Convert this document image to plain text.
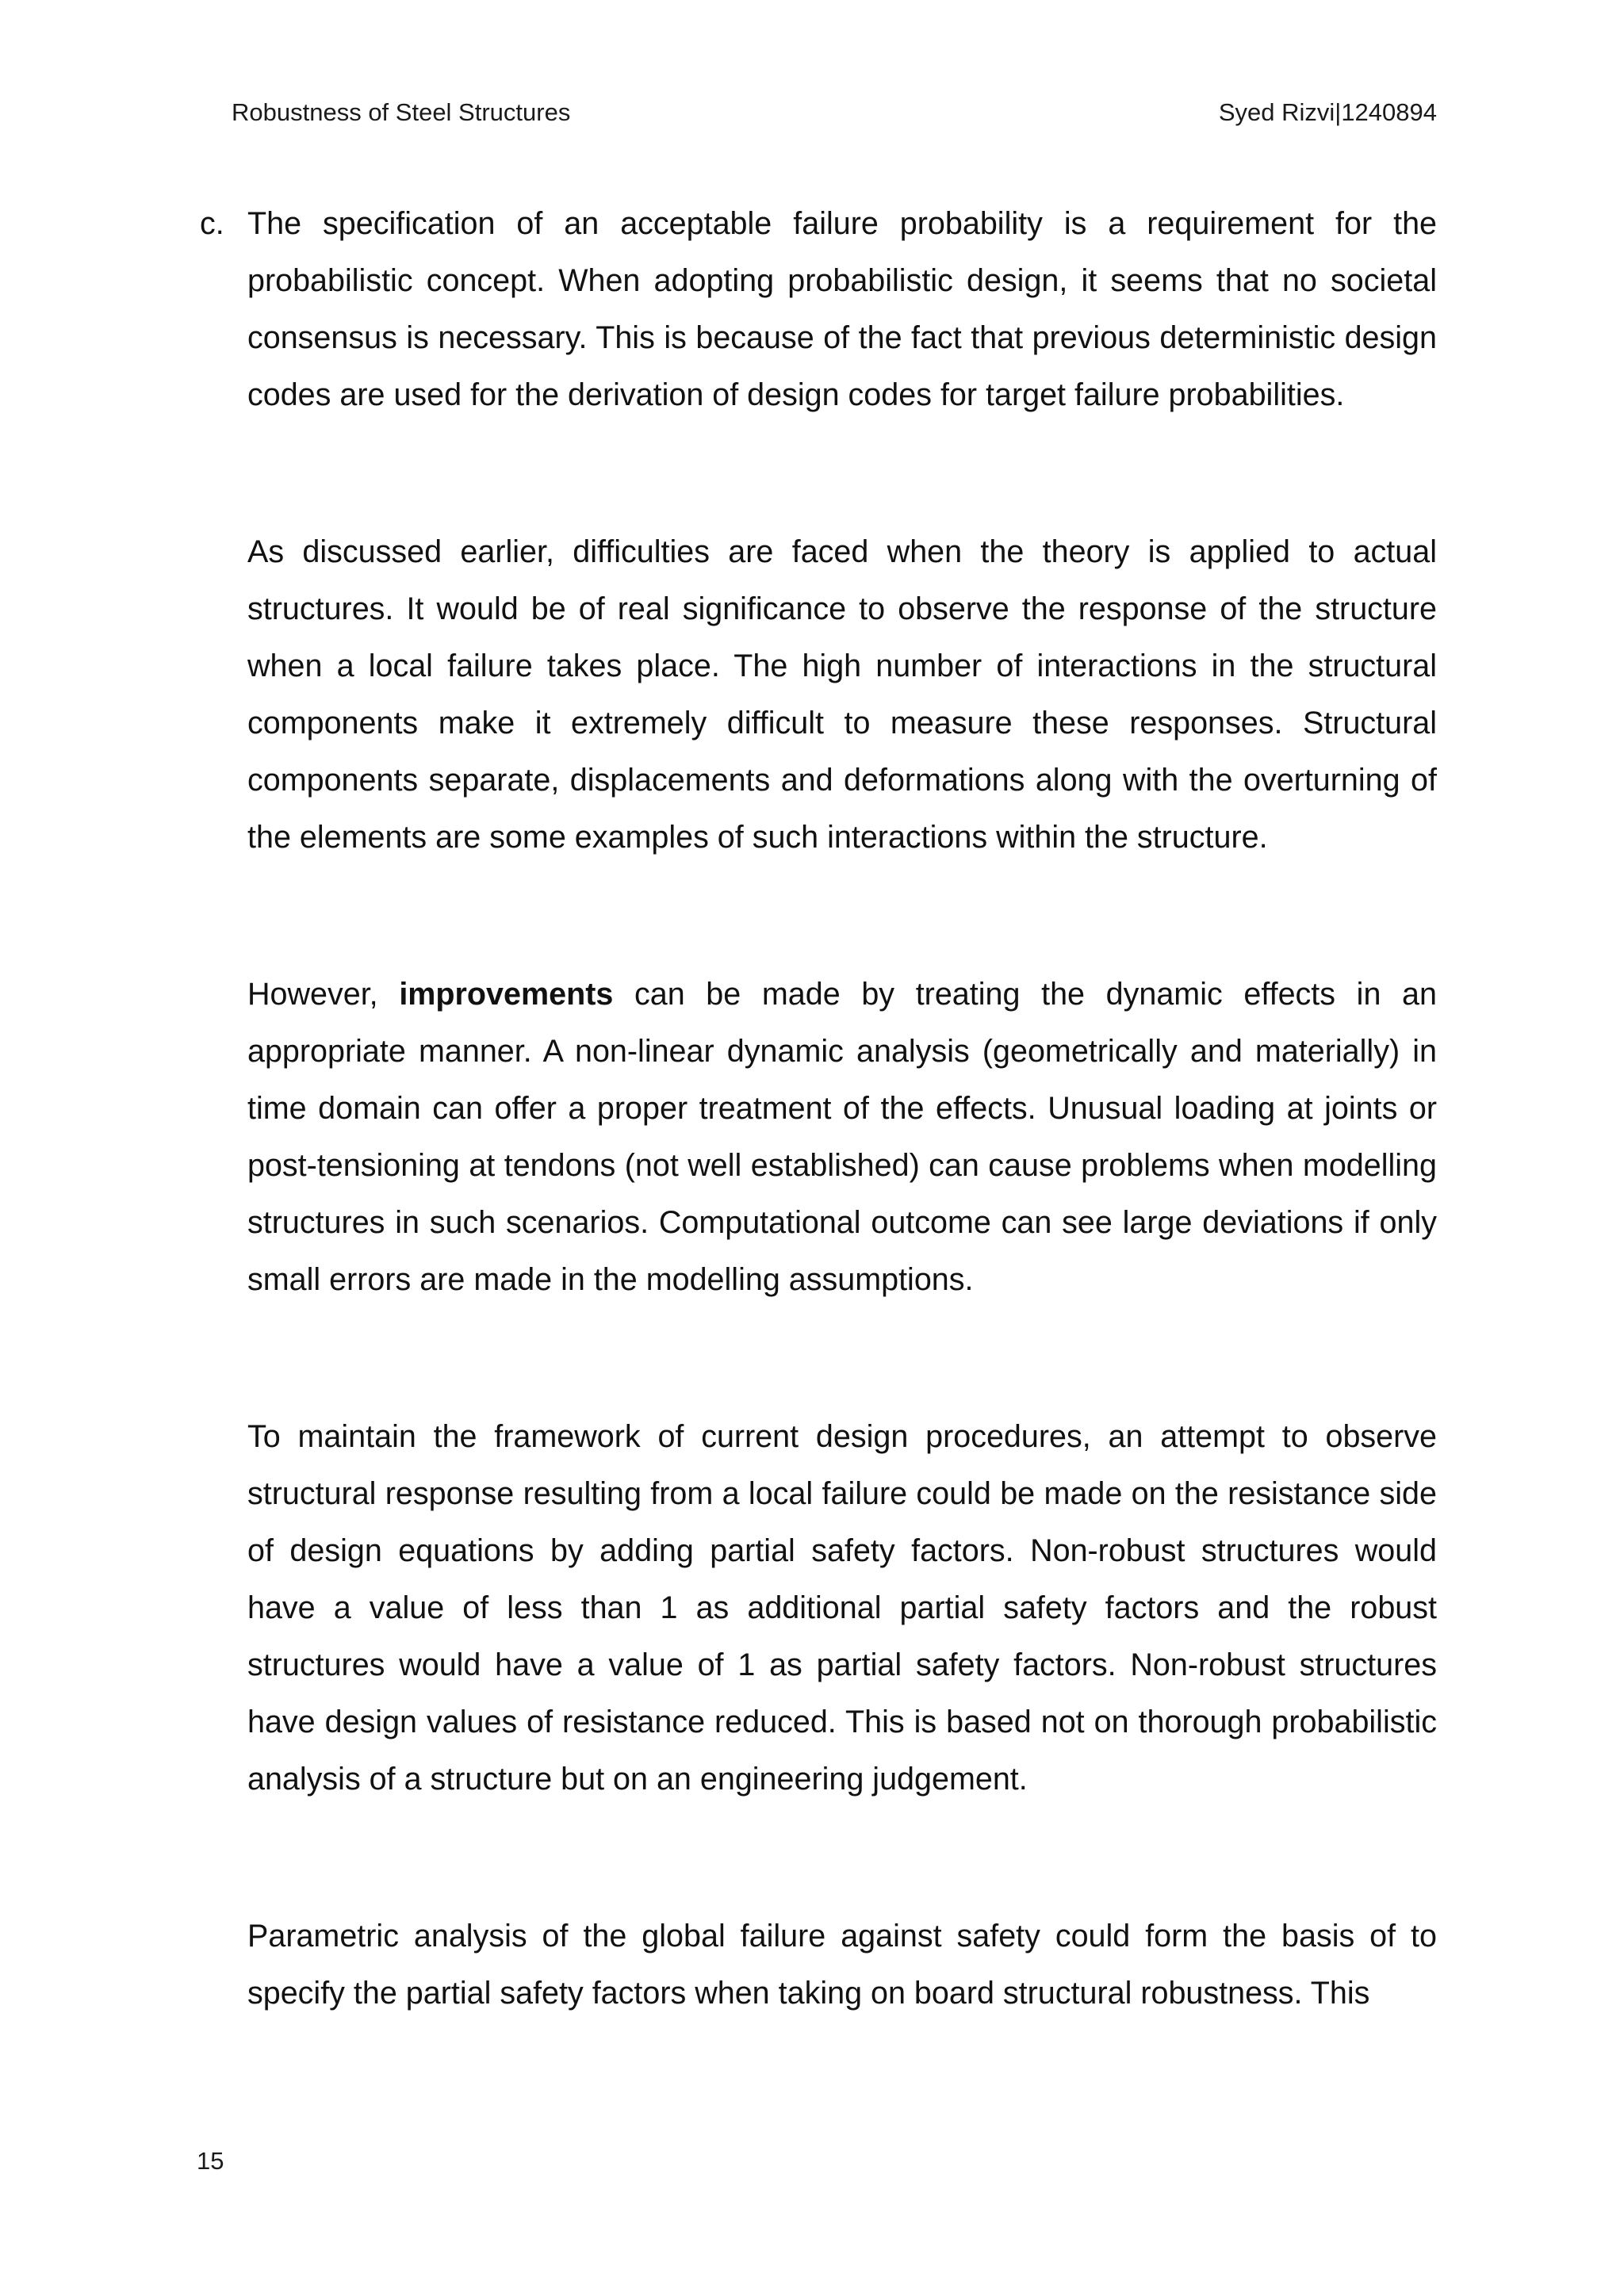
Robustness of Steel Structures	Syed Rizvi|1240894

c. The specification of an acceptable failure probability is a requirement for the probabilistic concept. When adopting probabilistic design, it seems that no societal consensus is necessary. This is because of the fact that previous deterministic design codes are used for the derivation of design codes for target failure probabilities.

As discussed earlier, difficulties are faced when the theory is applied to actual structures. It would be of real significance to observe the response of the structure when a local failure takes place. The high number of interactions in the structural components make it extremely difficult to measure these responses. Structural components separate, displacements and deformations along with the overturning of the elements are some examples of such interactions within the structure.

However, improvements can be made by treating the dynamic effects in an appropriate manner. A non-linear dynamic analysis (geometrically and materially) in time domain can offer a proper treatment of the effects. Unusual loading at joints or post-tensioning at tendons (not well established) can cause problems when modelling structures in such scenarios. Computational outcome can see large deviations if only small errors are made in the modelling assumptions.

To maintain the framework of current design procedures, an attempt to observe structural response resulting from a local failure could be made on the resistance side of design equations by adding partial safety factors. Non-robust structures would have a value of less than 1 as additional partial safety factors and the robust structures would have a value of 1 as partial safety factors. Non-robust structures have design values of resistance reduced. This is based not on thorough probabilistic analysis of a structure but on an engineering judgement.

Parametric analysis of the global failure against safety could form the basis of to specify the partial safety factors when taking on board structural robustness. This

15
